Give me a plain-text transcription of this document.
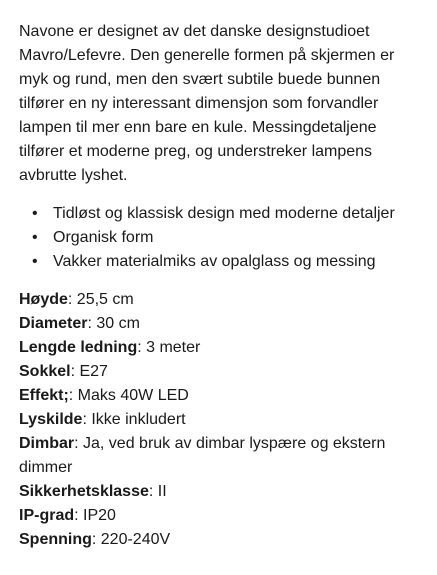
Navone er designet av det danske designstudioet Mavro/Lefevre. Den generelle formen på skjermen er myk og rund, men den svært subtile buede bunnen tilfører en ny interessant dimensjon som forvandler lampen til mer enn bare en kule. Messingdetaljene tilfører et moderne preg, og understreker lampens avbrutte lyshet.

• Tidløst og klassisk design med moderne detaljer
• Organisk form
• Vakker materialmiks av opalglass og messing
Høyde: 25,5 cm
Diameter: 30 cm
Lengde ledning: 3 meter
Sokkel: E27
Effekt;: Maks 40W LED
Lyskilde: Ikke inkludert
Dimbar: Ja, ved bruk av dimbar lyspære og ekstern dimmer
Sikkerhetsklasse: II
IP-grad: IP20
Spenning: 220-240V
